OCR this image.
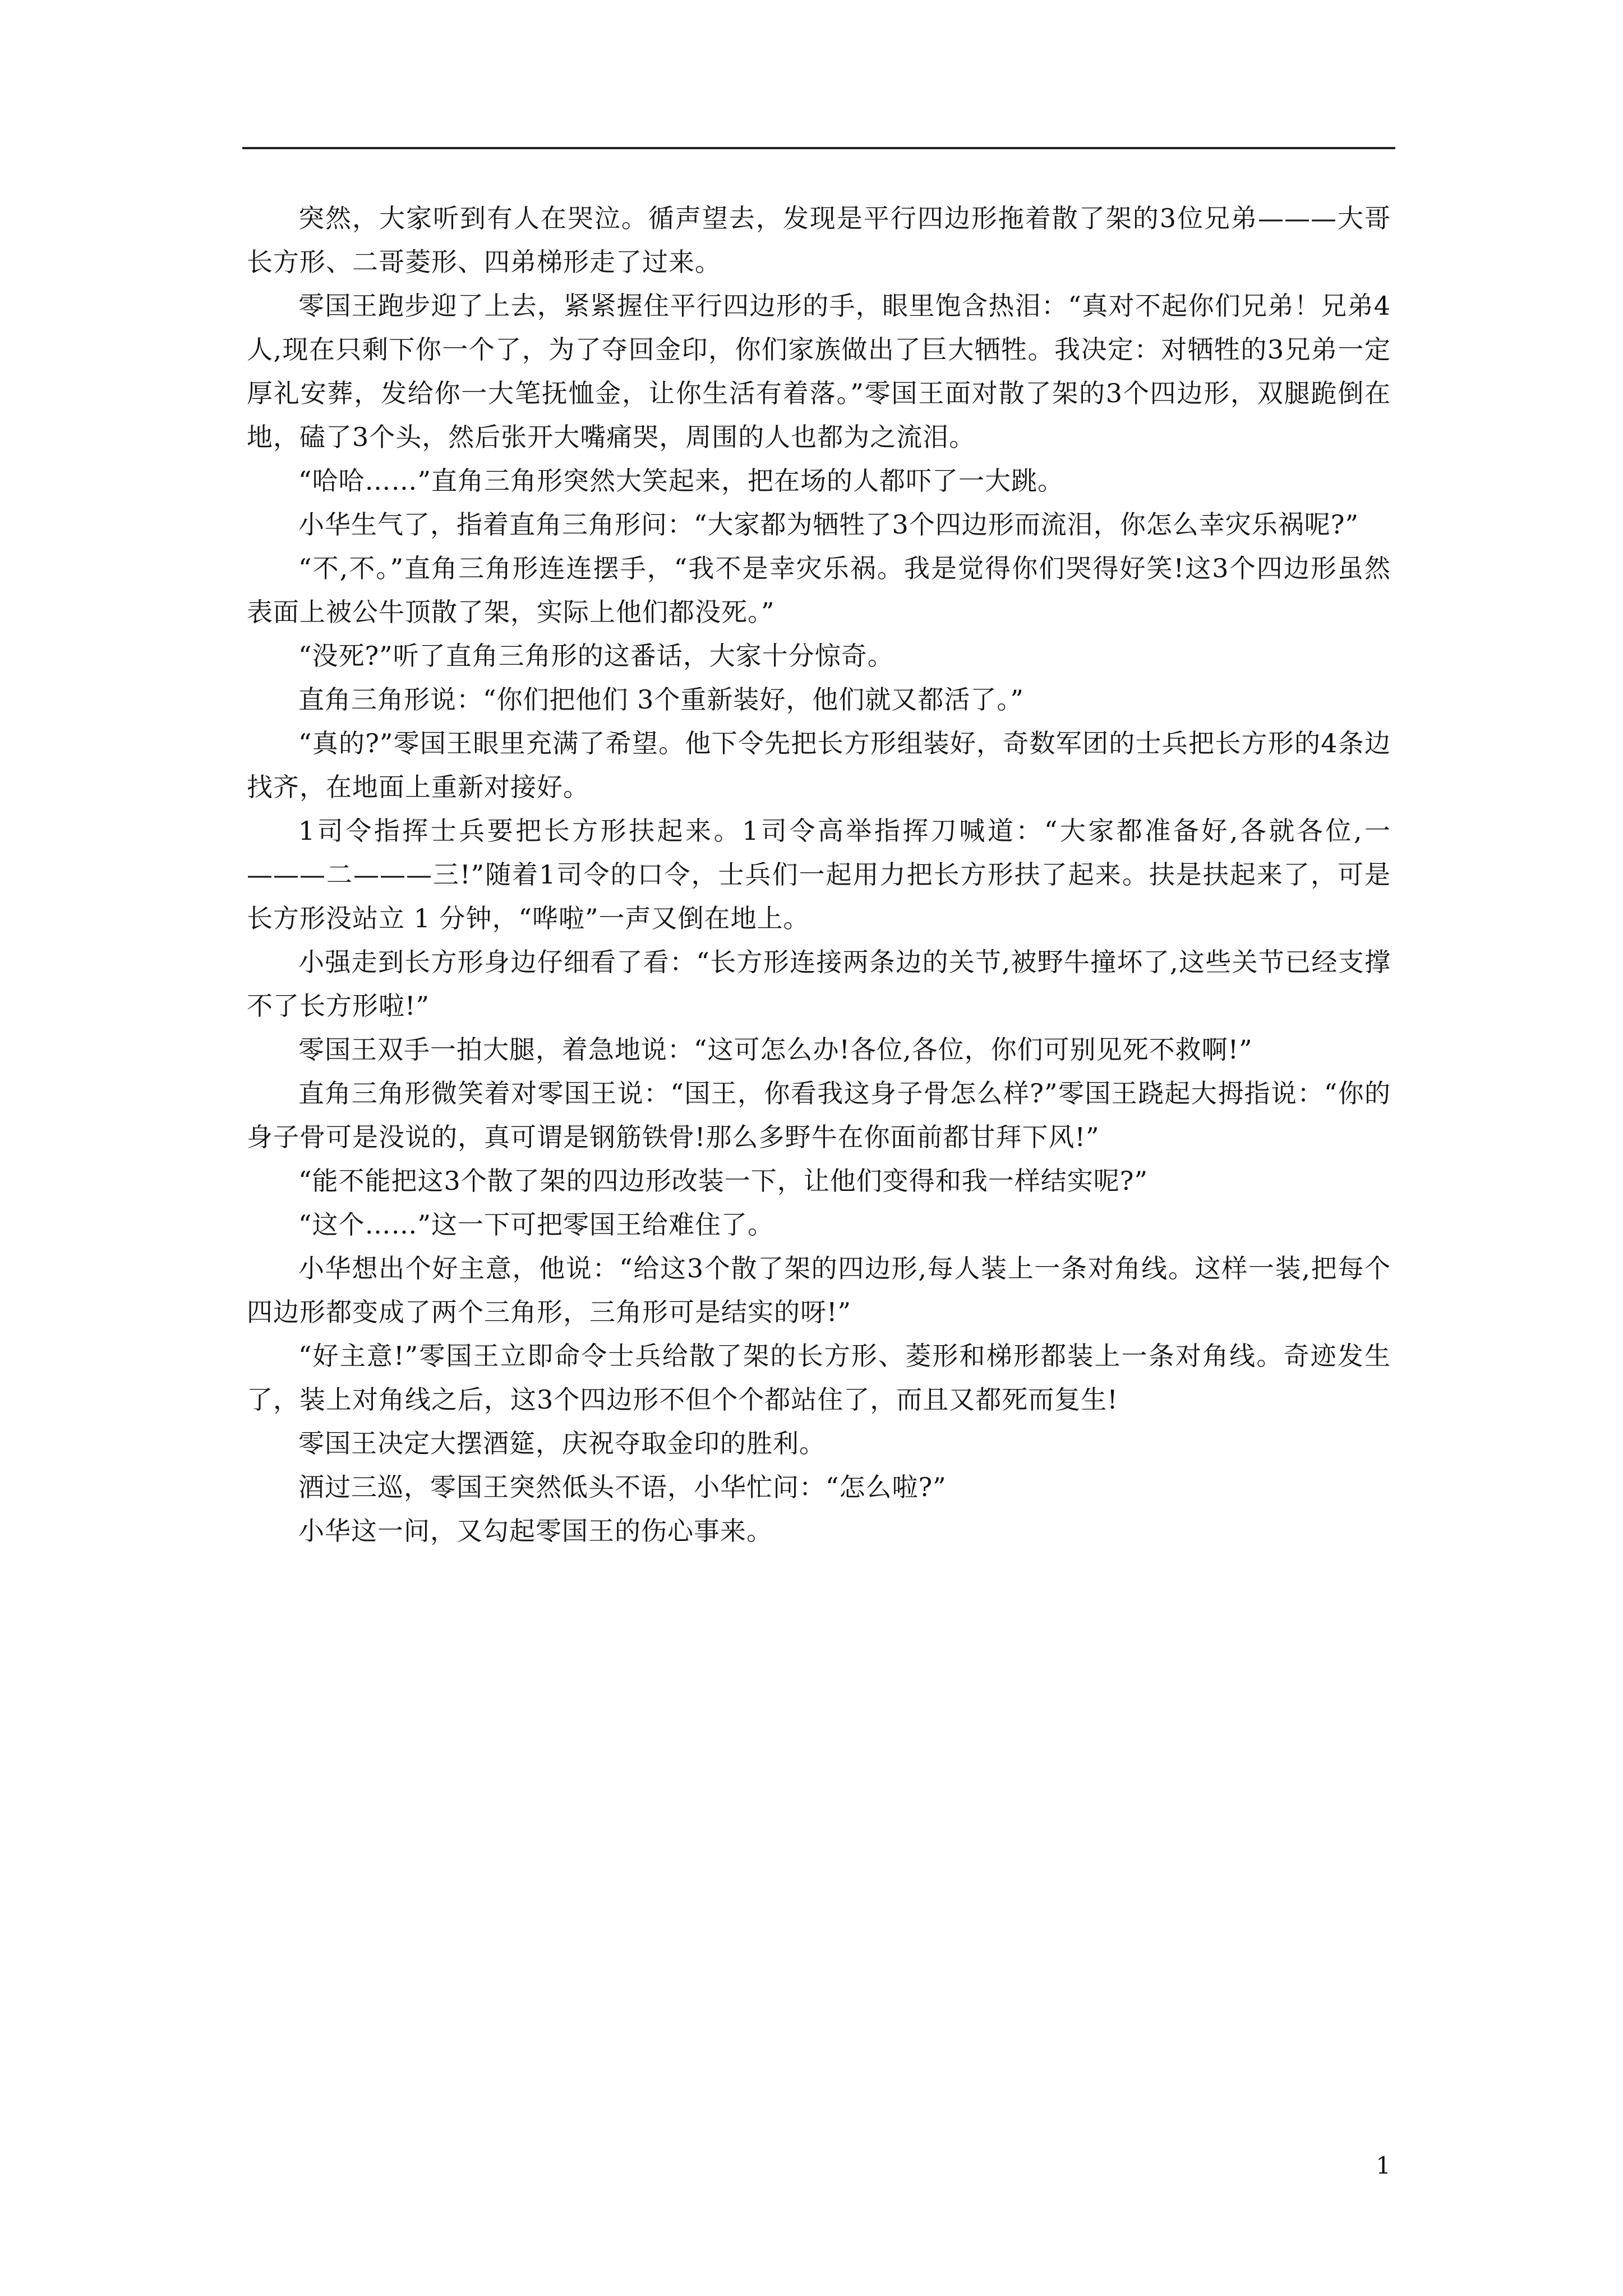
突然，大家听到有人在哭泣。循声望去，发现是平行四边形拖着散了架的3位兄弟———大哥长方形、二哥菱形、四弟梯形走了过来。

零国王跑步迎了上去，紧紧握住平行四边形的手，眼里饱含热泪：“真对不起你们兄弟！兄弟4 人,现在只剩下你一个了，为了夺回金印，你们家族做出了巨大牺牲。我决定：对牺牲的3兄弟一定厚礼安葬，发给你一大笔抚恤金，让你生活有着落。”零国王面对散了架的3个四边形，双腿跪倒在地，磕了3个头，然后张开大嘴痛哭，周围的人也都为之流泪。

“哈哈……”直角三角形突然大笑起来，把在场的人都吓了一大跳。

小华生气了，指着直角三角形问：“大家都为牺牲了3个四边形而流泪，你怎么幸灾乐祸呢?”

“不,不。”直角三角形连连摆手，“我不是幸灾乐祸。我是觉得你们哭得好笑!这3个四边形虽然表面上被公牛顶散了架，实际上他们都没死。”

“没死?”听了直角三角形的这番话，大家十分惊奇。

直角三角形说：“你们把他们 3个重新装好，他们就又都活了。”

“真的?”零国王眼里充满了希望。他下令先把长方形组装好，奇数军团的士兵把长方形的4条边找齐，在地面上重新对接好。

1司令指挥士兵要把长方形扶起来。1司令高举指挥刀喊道：“大家都准备好,各就各位,一———二———三!”随着1司令的口令，士兵们一起用力把长方形扶了起来。扶是扶起来了，可是长方形没站立 1 分钟，“哗啦”一声又倒在地上。

小强走到长方形身边仔细看了看：“长方形连接两条边的关节,被野牛撞坏了,这些关节已经支撑不了长方形啦!”

零国王双手一拍大腿，着急地说：“这可怎么办!各位,各位，你们可别见死不救啊!”

直角三角形微笑着对零国王说：“国王，你看我这身子骨怎么样?”零国王跷起大拇指说：“你的身子骨可是没说的，真可谓是钢筋铁骨!那么多野牛在你面前都甘拜下风!”

“能不能把这3个散了架的四边形改装一下，让他们变得和我一样结实呢?”

“这个……”这一下可把零国王给难住了。

小华想出个好主意，他说：“给这3个散了架的四边形,每人装上一条对角线。这样一装,把每个四边形都变成了两个三角形，三角形可是结实的呀!”

“好主意!”零国王立即命令士兵给散了架的长方形、菱形和梯形都装上一条对角线。奇迹发生了，装上对角线之后，这3个四边形不但个个都站住了，而且又都死而复生!

零国王决定大摆酒筵，庆祝夺取金印的胜利。

酒过三巡，零国王突然低头不语，小华忙问：“怎么啦?”

小华这一问，又勾起零国王的伤心事来。

1
